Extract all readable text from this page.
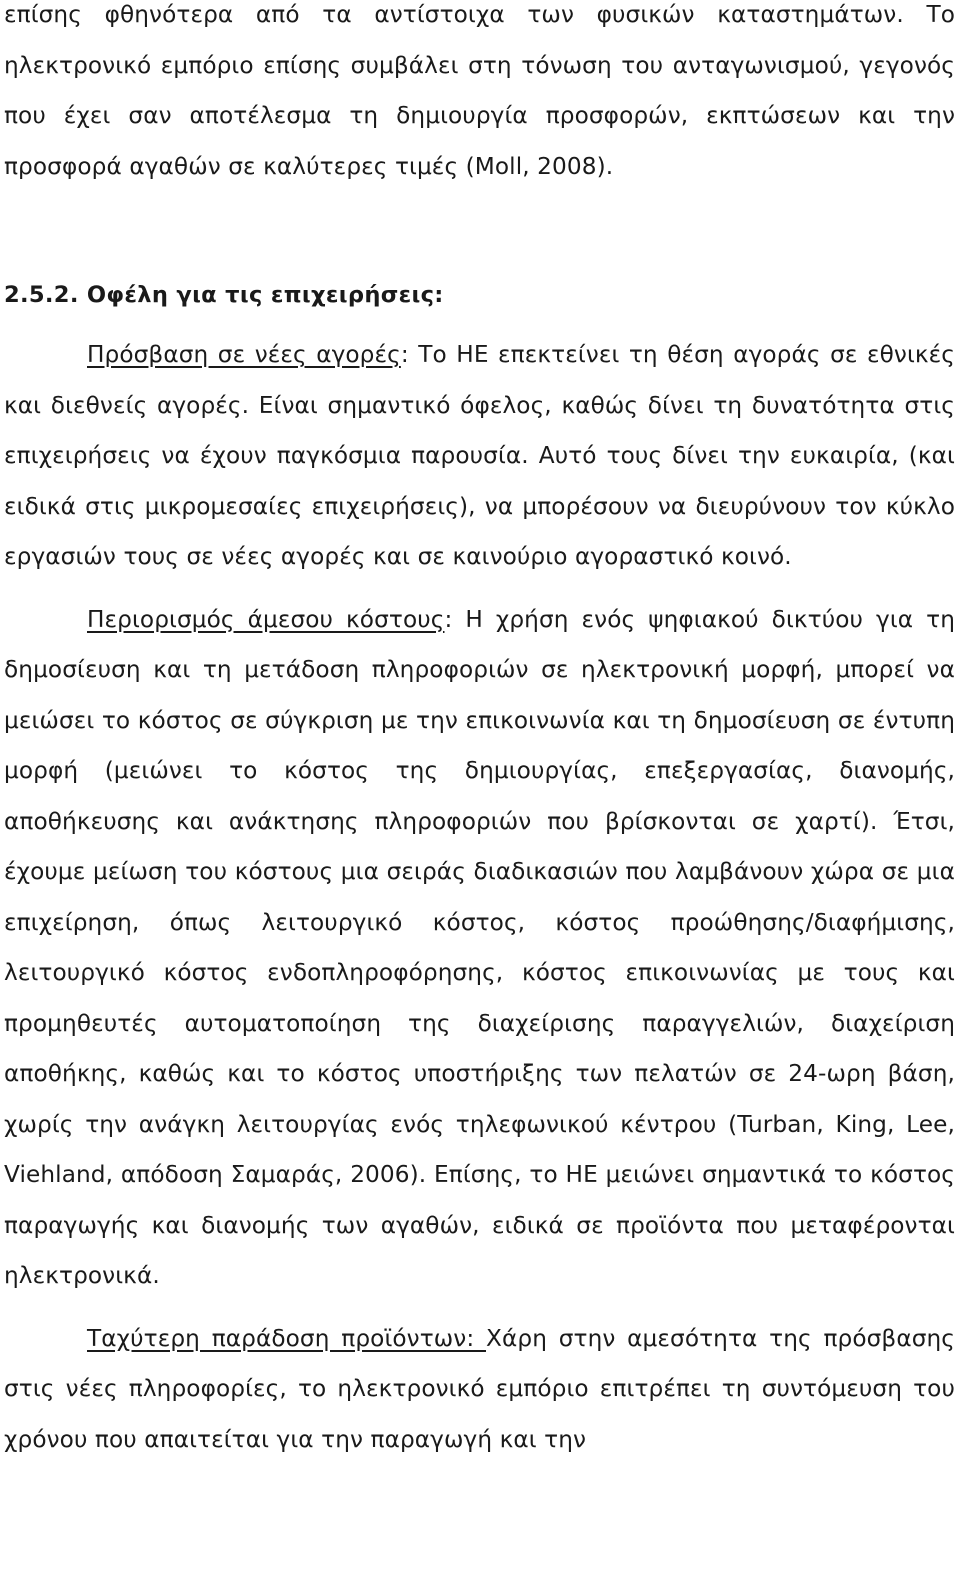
επίσης φθηνότερα από τα αντίστοιχα των φυσικών καταστημάτων. Το ηλεκτρονικό εμπόριο επίσης συμβάλει στη τόνωση του ανταγωνισμού, γεγονός που έχει σαν αποτέλεσμα τη δημιουργία προσφορών, εκπτώσεων και την προσφορά αγαθών σε καλύτερες τιμές (Moll, 2008).

2.5.2. Οφέλη για τις επιχειρήσεις:

Πρόσβαση σε νέες αγορές: Το ΗΕ επεκτείνει τη θέση αγοράς σε εθνικές και διεθνείς αγορές. Είναι σημαντικό όφελος, καθώς δίνει τη δυνατότητα στις επιχειρήσεις να έχουν παγκόσμια παρουσία. Αυτό τους δίνει την ευκαιρία, (και ειδικά στις μικρομεσαίες επιχειρήσεις), να μπορέσουν να διευρύνουν τον κύκλο εργασιών τους σε νέες αγορές και σε καινούριο αγοραστικό κοινό.

Περιορισμός άμεσου κόστους: Η χρήση ενός ψηφιακού δικτύου για τη δημοσίευση και τη μετάδοση πληροφοριών σε ηλεκτρονική μορφή, μπορεί να μειώσει το κόστος σε σύγκριση με την επικοινωνία και τη δημοσίευση σε έντυπη μορφή (μειώνει το κόστος της δημιουργίας, επεξεργασίας, διανομής, αποθήκευσης και ανάκτησης πληροφοριών που βρίσκονται σε χαρτί). Έτσι, έχουμε μείωση του κόστους μια σειράς διαδικασιών που λαμβάνουν χώρα σε μια επιχείρηση, όπως λειτουργικό κόστος, κόστος προώθησης/διαφήμισης, λειτουργικό κόστος ενδοπληροφόρησης, κόστος επικοινωνίας με τους και προμηθευτές αυτοματοποίηση της διαχείρισης παραγγελιών, διαχείριση αποθήκης, καθώς και το κόστος υποστήριξης των πελατών σε 24-ωρη βάση, χωρίς την ανάγκη λειτουργίας ενός τηλεφωνικού κέντρου (Turban, King, Lee, Viehland, απόδοση Σαμαράς, 2006). Επίσης, το ΗΕ μειώνει σημαντικά το κόστος παραγωγής και διανομής των αγαθών, ειδικά σε προϊόντα που μεταφέρονται ηλεκτρονικά.

Ταχύτερη παράδοση προϊόντων: Χάρη στην αμεσότητα της πρόσβασης στις νέες πληροφορίες, το ηλεκτρονικό εμπόριο επιτρέπει τη συντόμευση του χρόνου που απαιτείται για την παραγωγή και την
